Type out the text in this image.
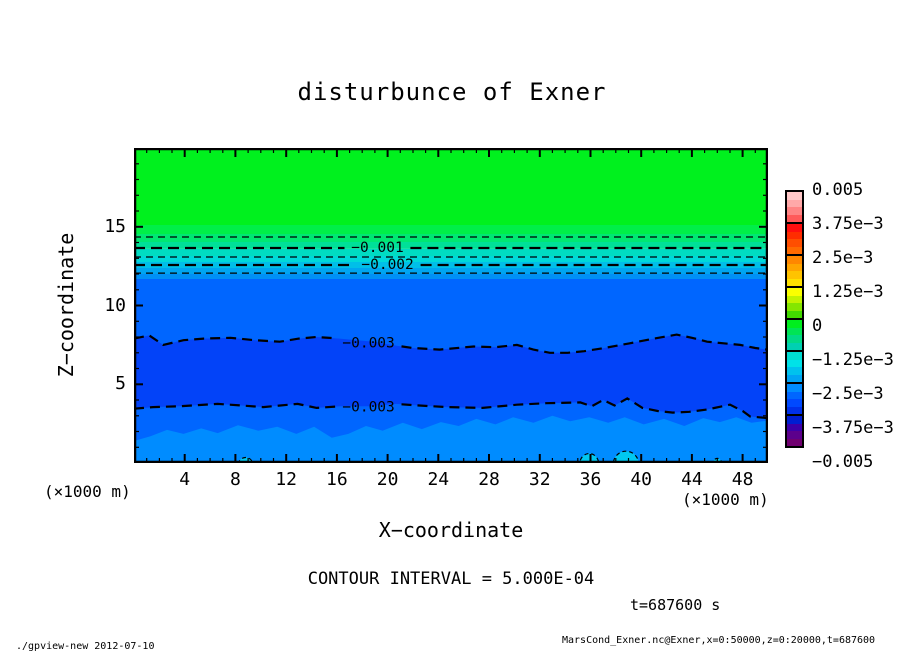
disturbunce of Exner
Z−coordinate
5
10
15
−0.001
−0.002
−0.003
−0.003
4	8	12	16	20	24	28	32	36	40	44	48
(×1000 m)	(×1000 m)
X−coordinate
CONTOUR INTERVAL = 5.000E-04
t=687600 s
0.005
3.75e−3
2.5e−3
1.25e−3
0
−1.25e−3
−2.5e−3
−3.75e−3
−0.005
./gpview-new 2012-07-10
MarsCond_Exner.nc@Exner,x=0:50000,z=0:20000,t=687600
